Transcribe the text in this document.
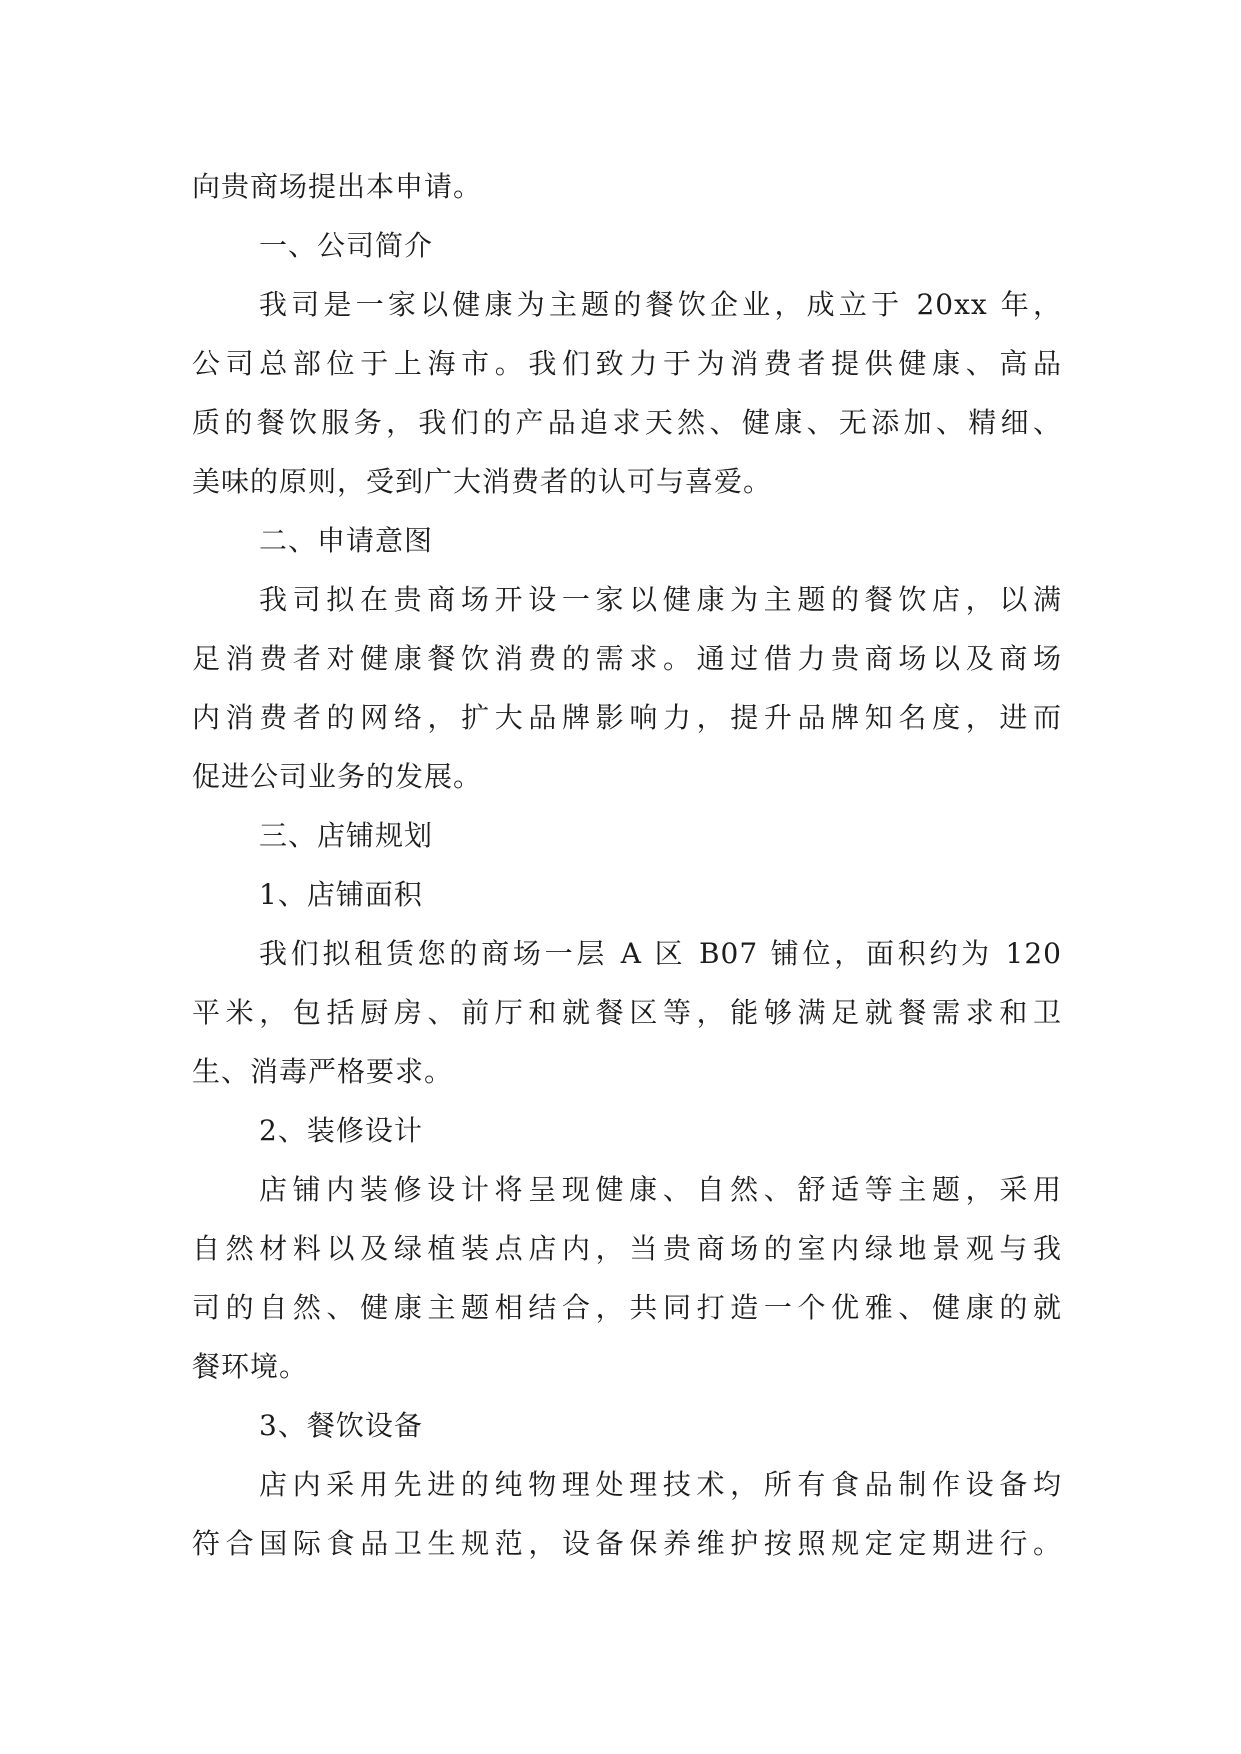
向贵商场提出本申请。
一、公司简介
我司是一家以健康为主题的餐饮企业，成立于 20xx 年，
公司总部位于上海市。我们致力于为消费者提供健康、高品
质的餐饮服务，我们的产品追求天然、健康、无添加、精细、
美味的原则，受到广大消费者的认可与喜爱。
二、申请意图
我司拟在贵商场开设一家以健康为主题的餐饮店，以满
足消费者对健康餐饮消费的需求。通过借力贵商场以及商场
内消费者的网络，扩大品牌影响力，提升品牌知名度，进而
促进公司业务的发展。
三、店铺规划
1、店铺面积
我们拟租赁您的商场一层 A 区 B07 铺位，面积约为 120
平米，包括厨房、前厅和就餐区等，能够满足就餐需求和卫
生、消毒严格要求。
2、装修设计
店铺内装修设计将呈现健康、自然、舒适等主题，采用
自然材料以及绿植装点店内，当贵商场的室内绿地景观与我
司的自然、健康主题相结合，共同打造一个优雅、健康的就
餐环境。
3、餐饮设备
店内采用先进的纯物理处理技术，所有食品制作设备均
符合国际食品卫生规范，设备保养维护按照规定定期进行。
